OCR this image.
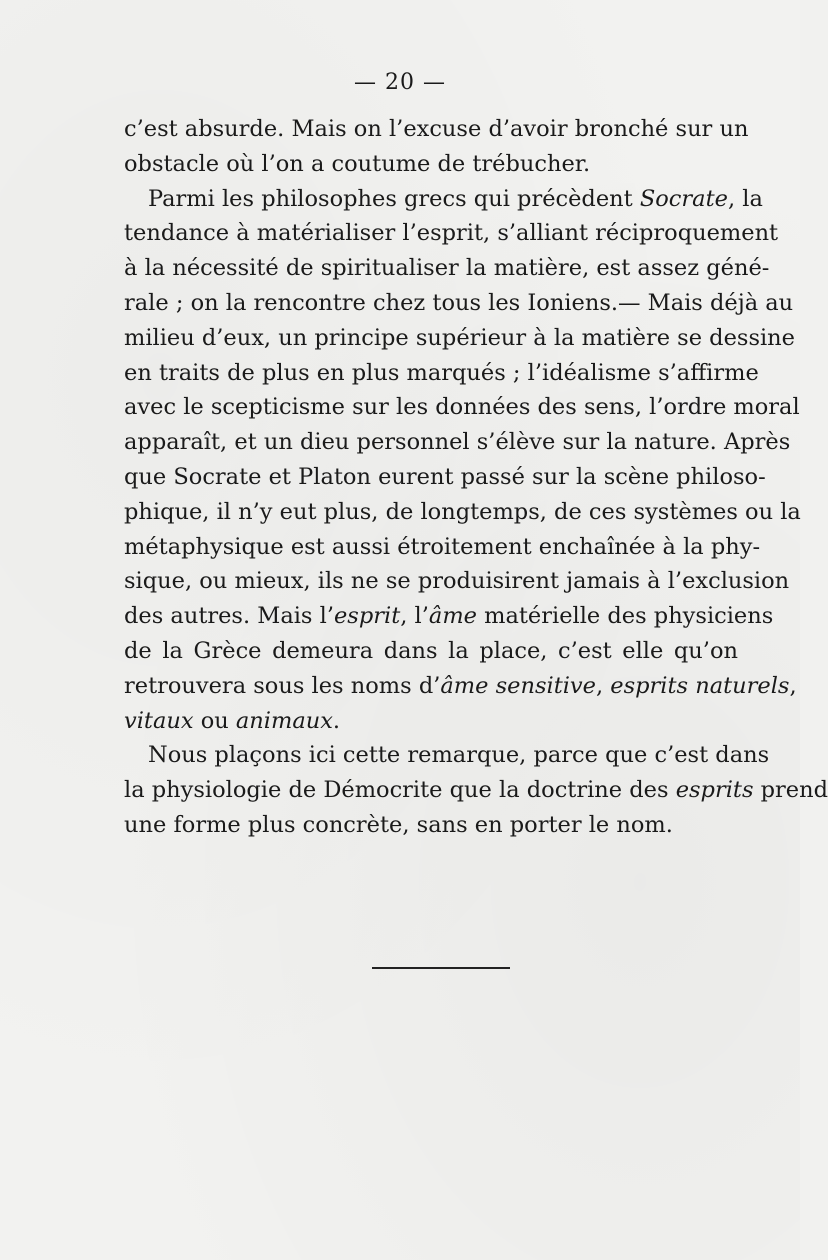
— 20 —

c’est absurde. Mais on l’excuse d’avoir bronché sur un
obstacle où l’on a coutume de trébucher.

Parmi les philosophes grecs qui précèdent Socrate, la
tendance à matérialiser l’esprit, s’alliant réciproquement
à la nécessité de spiritualiser la matière, est assez géné-
rale ; on la rencontre chez tous les Ioniens.— Mais déjà au
milieu d’eux, un principe supérieur à la matière se dessine
en traits de plus en plus marqués ; l’idéalisme s’affirme
avec le scepticisme sur les données des sens, l’ordre moral
apparaît, et un dieu personnel s’élève sur la nature. Après
que Socrate et Platon eurent passé sur la scène philoso-
phique, il n’y eut plus, de longtemps, de ces systèmes ou la
métaphysique est aussi étroitement enchaînée à la phy-
sique, ou mieux, ils ne se produisirent jamais à l’exclusion
des autres. Mais l’esprit, l’âme matérielle des physiciens
de la Grèce demeura dans la place, c’est elle qu’on
retrouvera sous les noms d’âme sensitive, esprits naturels,
vitaux ou animaux.

Nous plaçons ici cette remarque, parce que c’est dans
la physiologie de Démocrite que la doctrine des esprits prend
une forme plus concrète, sans en porter le nom.
